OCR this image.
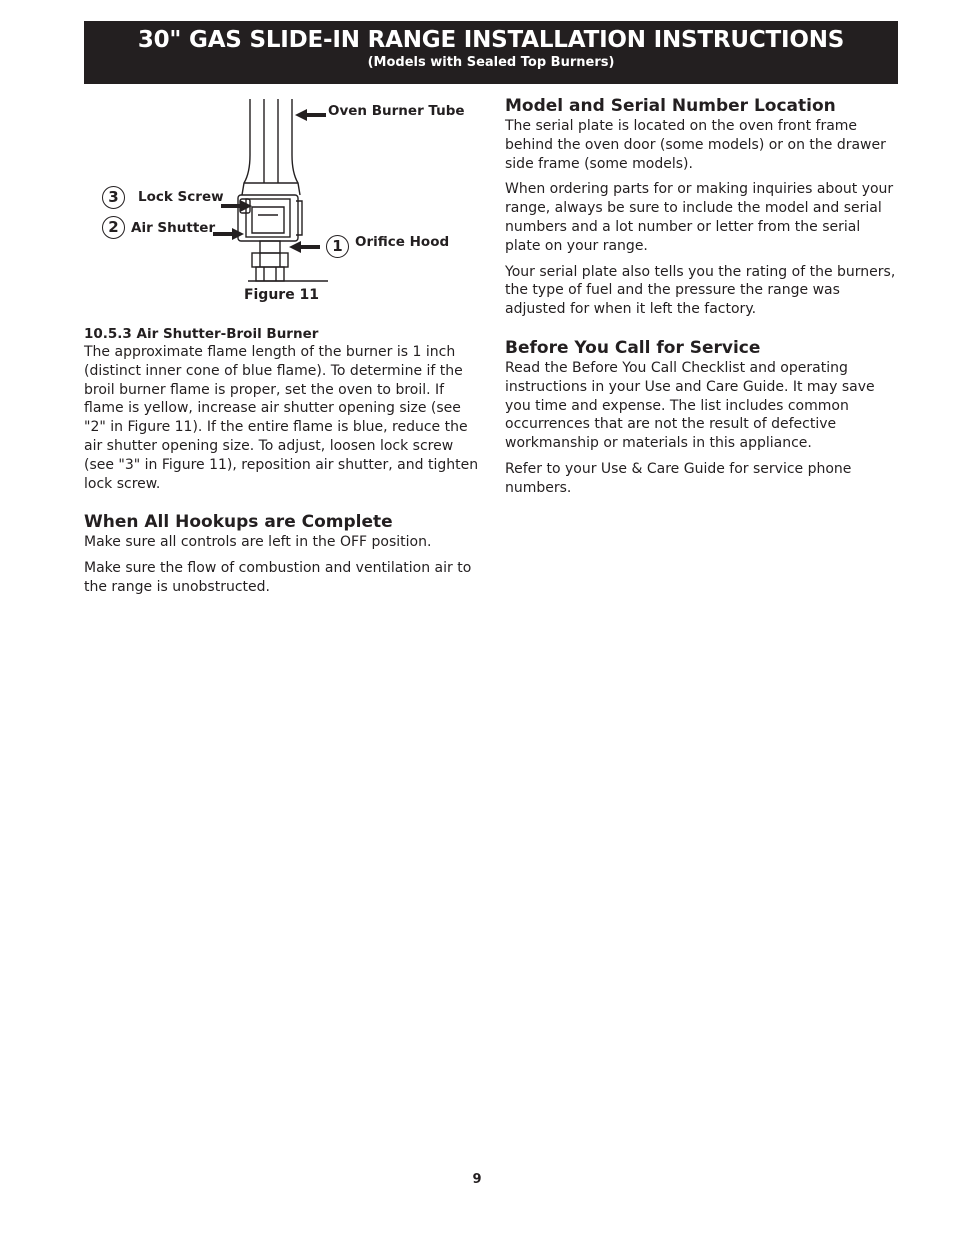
30" GAS SLIDE-IN RANGE INSTALLATION INSTRUCTIONS
(Models with Sealed Top Burners)
Oven Burner Tube
3	Lock Screw
2 Air Shutter
1 Orifice Hood
Figure 11
10.5.3 Air Shutter-Broil Burner

The approximate flame length of the burner is 1 inch (distinct inner cone of blue flame). To determine if the broil burner flame is proper, set the oven to broil. If flame is yellow, increase air shutter opening size (see "2" in Figure 11). If the entire flame is blue, reduce the air shutter opening size. To adjust, loosen lock screw (see "3" in Figure 11), reposition air shutter, and tighten lock screw.

When All Hookups are Complete

Make sure all controls are left in the OFF position.

Make sure the flow of combustion and ventilation air to the range is unobstructed.

Model and Serial Number Location

The serial plate is located on the oven front frame behind the oven door (some models) or on the drawer side frame (some models).

When ordering parts for or making inquiries about your range, always be sure to include the model and serial numbers and a lot number or letter from the serial plate on your range.

Your serial plate also tells you the rating of the burners, the type of fuel and the pressure the range was adjusted for when it left the factory.

Before You Call for Service

Read the Before You Call Checklist and operating instructions in your Use and Care Guide. It may save you time and expense. The list includes common occurrences that are not the result of defective workmanship or materials in this appliance.

Refer to your Use & Care Guide for service phone numbers.

9
